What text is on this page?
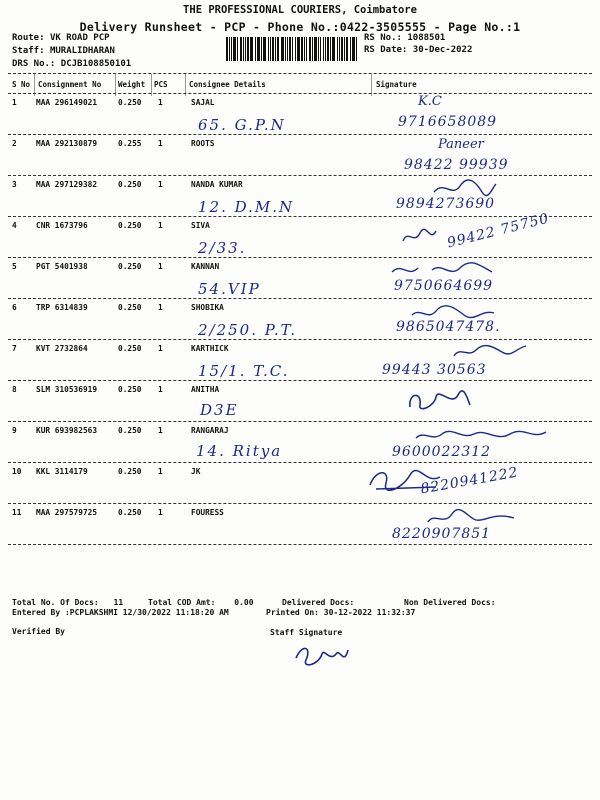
THE PROFESSIONAL COURIERS, Coimbatore
Delivery Runsheet - PCP - Phone No.:0422-3505555 - Page No.:1
Route: VK ROAD PCP
Staff: MURALIDHARAN
DRS No.: DCJB108850101
RS No.: 1088501
RS Date: 30-Dec-2022
S No Consignment No Weight PCS	Consignee Details	Signature
1 MAA 296149021	0.250 1	SAJAL
65. G.P.N
K.C
9716658089
2 MAA 292130879	0.255 1	ROOTS	Paneer
98422 99939
3 MAA 297129382	0.250 1	NANDA KUMAR
12. D.M.N	9894273690
4 CNR 1673796	0.250 1	SIVA
2/33.	99422 75750
5 PGT 5401938	0.250 1	KANNAN
54.VIP	9750664699
6 TRP 6314839	0.250 1	SHOBIKA
2/250. P.T.	9865047478.
7 KVT 2732864	0.250 1	KARTHICK
15/1. T.C.	99443 30563
8 SLM 310536919	0.250 1	ANITHA
D3E
9 KUR 693982563	0.250 1	RANGARAJ
14. Ritya	9600022312
10 KKL 3114179	0.250 1	JK	8220941222
11 MAA 297579725	0.250 1	FOURESS
8220907851
Total No. Of Docs: 11	Total COD Amt: 0.00	Delivered Docs:	Non Delivered Docs:
Entered By :PCPLAKSHMI 12/30/2022 11:18:20 AM	Printed On: 30-12-2022 11:32:37
Verified By	Staff Signature
